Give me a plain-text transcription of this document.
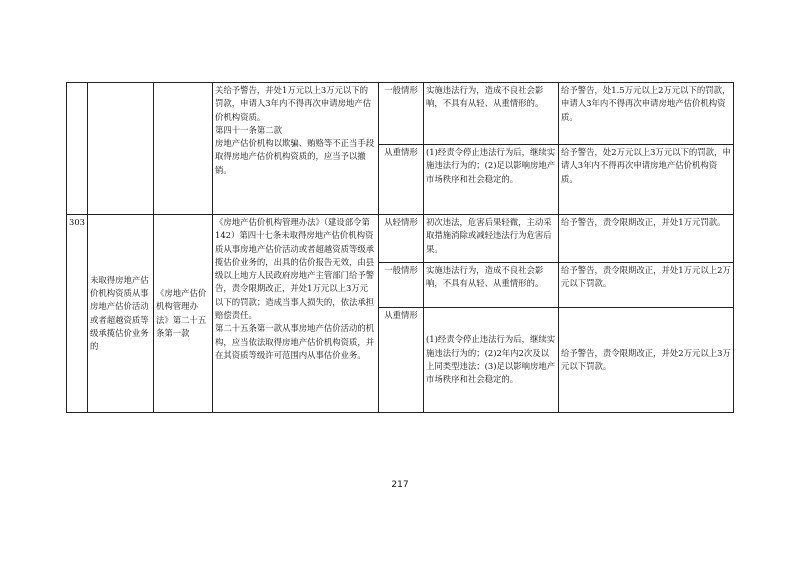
			关给予警告，并处1万元以上3万元以下的罚款，申请人3年内不得再次申请房地产估价机构资质。
第四十一条第二款
房地产估价机构以欺骗、贿赂等不正当手段取得房地产估价机构资质的，应当予以撤销。	一般情形	实施违法行为，造成不良社会影响，不具有从轻、从重情形的。	给予警告，处1.5万元以上2万元以下的罚款，申请人3年内不得再次申请房地产估价机构资质。
				从重情形	(1)经责令停止违法行为后，继续实施违法行为的；(2)足以影响房地产市场秩序和社会稳定的。	给予警告，处2万元以上3万元以下的罚款，申请人3年内不得再次申请房地产估价机构资质。
303	未取得房地产估价机构资质从事房地产估价活动或者超越资质等级承揽估价业务的	《房地产估价机构管理办法》第二十五条第一款	《房地产估价机构管理办法》（建设部令第142）第四十七条未取得房地产估价机构资质从事房地产估价活动或者超越资质等级承揽估价业务的，出具的估价报告无效，由县级以上地方人民政府房地产主管部门给予警告，责令限期改正，并处1万元以上3万元以下的罚款；造成当事人损失的，依法承担赔偿责任。
第二十五条第一款从事房地产估价活动的机构，应当依法取得房地产估价机构资质，并在其资质等级许可范围内从事估价业务。	从轻情形	初次违法，危害后果轻微，主动采取措施消除或减轻违法行为危害后果。	给予警告，责令限期改正，并处1万元罚款。
				一般情形	实施违法行为，造成不良社会影响，不具有从轻、从重情形的。	给予警告，责令限期改正，并处1万元以上2万元以下罚款。
				从重情形	(1)经责令停止违法行为后，继续实施违法行为的；(2)2年内2次及以上同类型违法；(3)足以影响房地产市场秩序和社会稳定的。	给予警告，责令限期改正，并处2万元以上3万元以下罚款。
217
